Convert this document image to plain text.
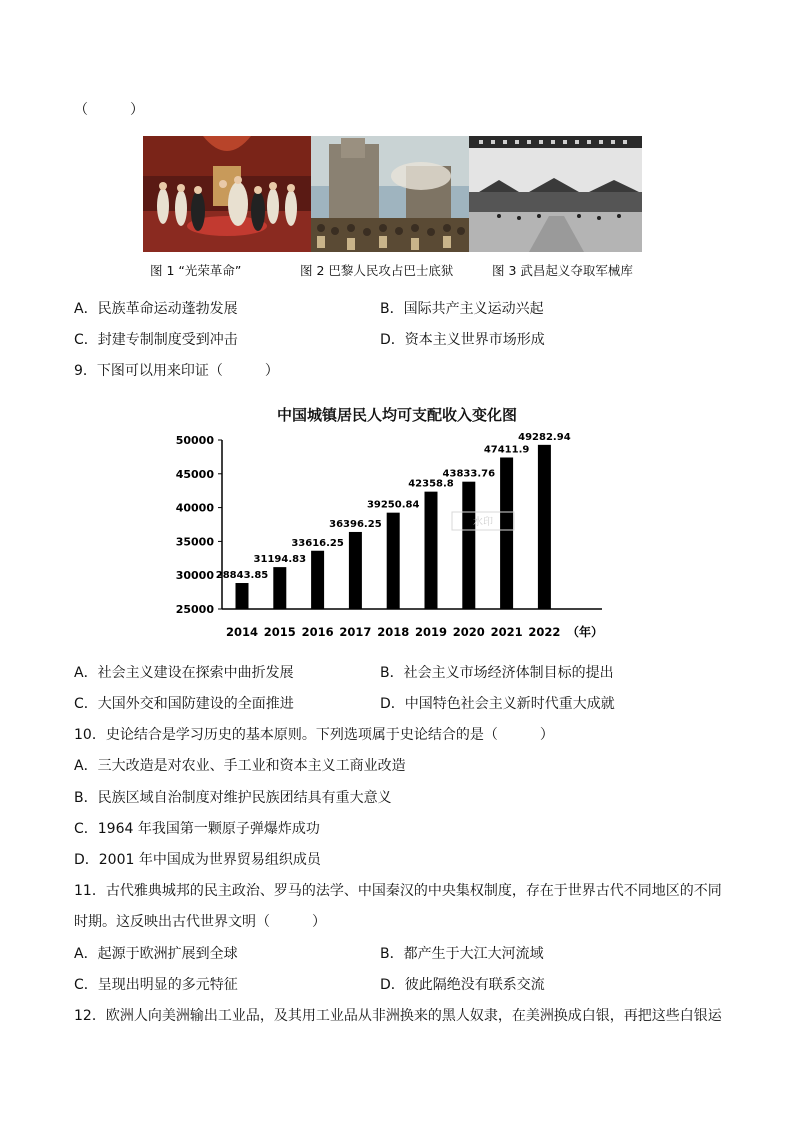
（　　　）
图 1 “光荣革命”	图 2 巴黎人民攻占巴士底狱	图 3 武昌起义夺取军械库
A．民族革命运动蓬勃发展	B．国际共产主义运动兴起
C．封建专制制度受到冲击	D．资本主义世界市场形成
9．下图可以用来印证（　　　）
中国城镇居民人均可支配收入变化图
25000
30000
35000
40000
45000
50000
28843.85
2014
31194.83
2015
33616.25
2016
36396.25
2017
39250.84
2018
42358.8
2019
43833.76
2020
47411.9
2021
49282.94
2022 （年）
水印
A．社会主义建设在探索中曲折发展	B．社会主义市场经济体制目标的提出
C．大国外交和国防建设的全面推进	D．中国特色社会主义新时代重大成就
10．史论结合是学习历史的基本原则。下列选项属于史论结合的是（　　　）
A．三大改造是对农业、手工业和资本主义工商业改造
B．民族区域自治制度对维护民族团结具有重大意义
C．1964 年我国第一颗原子弹爆炸成功
D．2001 年中国成为世界贸易组织成员
11．古代雅典城邦的民主政治、罗马的法学、中国秦汉的中央集权制度，存在于世界古代不同地区的不同
时期。这反映出古代世界文明（　　　）
A．起源于欧洲扩展到全球	B．都产生于大江大河流域
C．呈现出明显的多元特征	D．彼此隔绝没有联系交流
12．欧洲人向美洲输出工业品，及其用工业品从非洲换来的黑人奴隶，在美洲换成白银，再把这些白银运
